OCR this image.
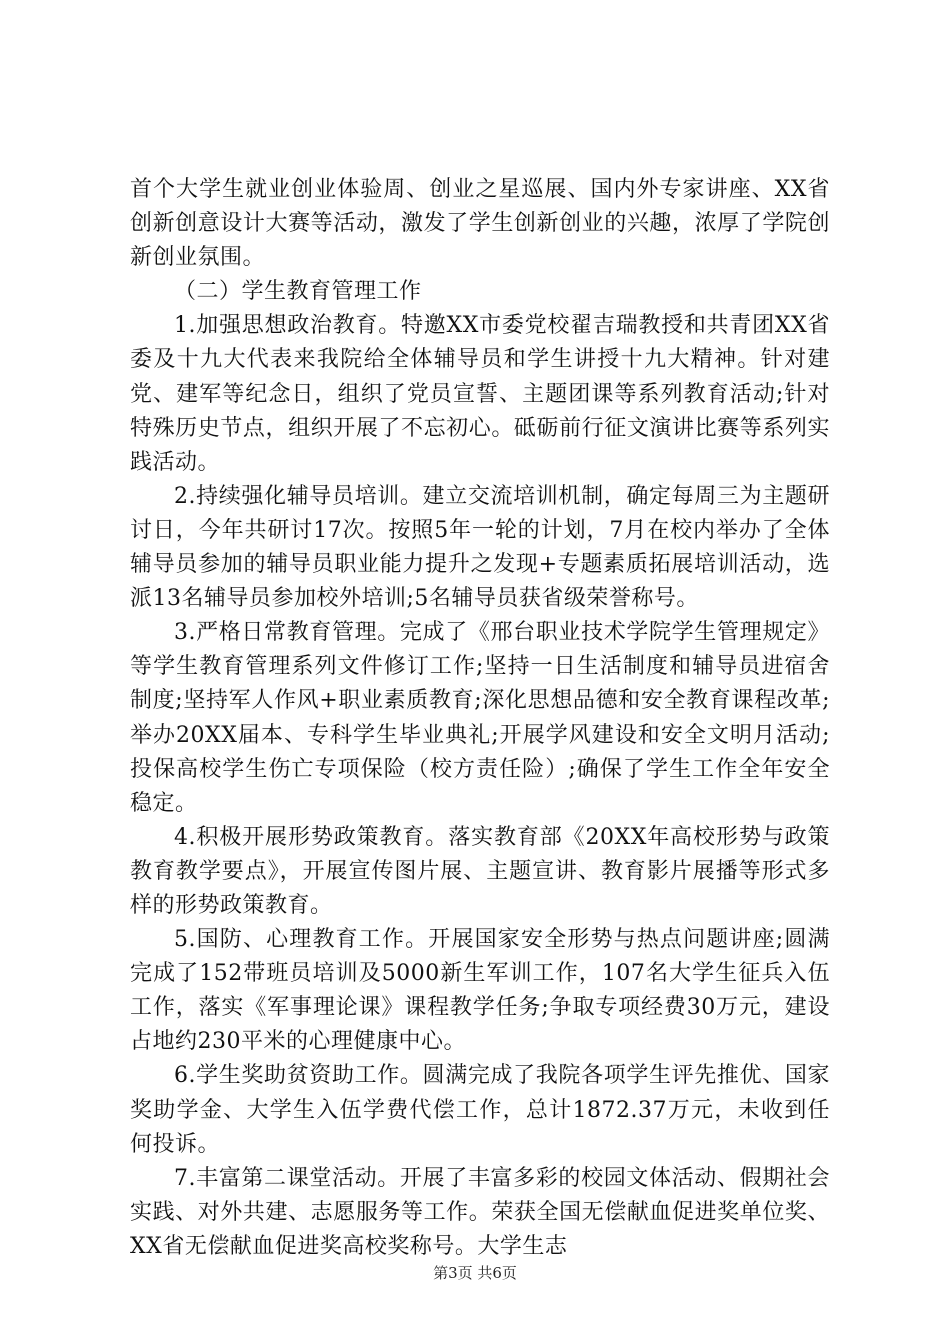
首个大学生就业创业体验周、创业之星巡展、国内外专家讲座、XX省创新创意设计大赛等活动，激发了学生创新创业的兴趣，浓厚了学院创新创业氛围。

（二）学生教育管理工作

1.加强思想政治教育。特邀XX市委党校翟吉瑞教授和共青团XX省委及十九大代表来我院给全体辅导员和学生讲授十九大精神。针对建党、建军等纪念日，组织了党员宣誓、主题团课等系列教育活动;针对特殊历史节点，组织开展了不忘初心。砥砺前行征文演讲比赛等系列实践活动。

2.持续强化辅导员培训。建立交流培训机制，确定每周三为主题研讨日，今年共研讨17次。按照5年一轮的计划，7月在校内举办了全体辅导员参加的辅导员职业能力提升之发现+专题素质拓展培训活动，选派13名辅导员参加校外培训;5名辅导员获省级荣誉称号。

3.严格日常教育管理。完成了《邢台职业技术学院学生管理规定》等学生教育管理系列文件修订工作;坚持一日生活制度和辅导员进宿舍制度;坚持军人作风+职业素质教育;深化思想品德和安全教育课程改革;举办20XX届本、专科学生毕业典礼;开展学风建设和安全文明月活动;投保高校学生伤亡专项保险（校方责任险）;确保了学生工作全年安全稳定。

4.积极开展形势政策教育。落实教育部《20XX年高校形势与政策教育教学要点》，开展宣传图片展、主题宣讲、教育影片展播等形式多样的形势政策教育。

5.国防、心理教育工作。开展国家安全形势与热点问题讲座;圆满完成了152带班员培训及5000新生军训工作，107名大学生征兵入伍工作，落实《军事理论课》课程教学任务;争取专项经费30万元，建设占地约230平米的心理健康中心。

6.学生奖助贫资助工作。圆满完成了我院各项学生评先推优、国家奖助学金、大学生入伍学费代偿工作，总计1872.37万元，未收到任何投诉。

7.丰富第二课堂活动。开展了丰富多彩的校园文体活动、假期社会实践、对外共建、志愿服务等工作。荣获全国无偿献血促进奖单位奖、XX省无偿献血促进奖高校奖称号。大学生志

第3页 共6页
